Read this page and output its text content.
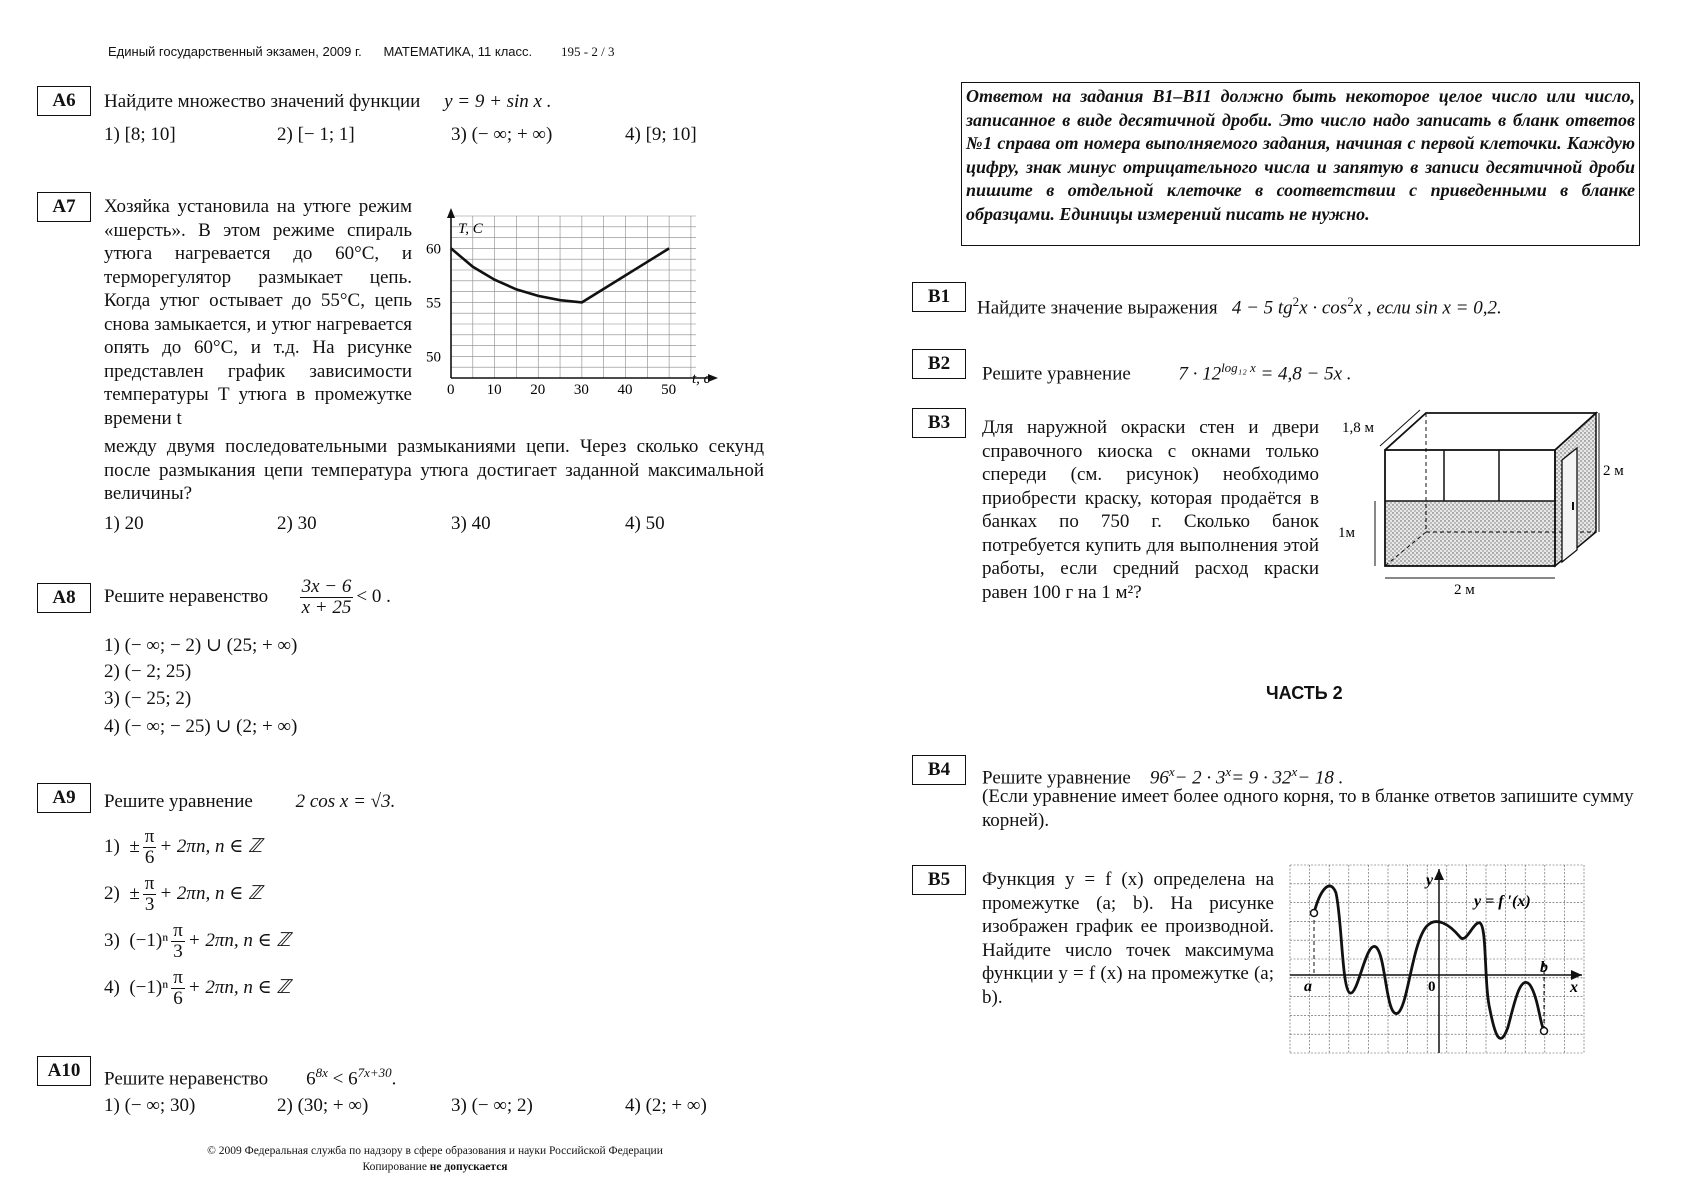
Единый государственный экзамен, 2009 г. МАТЕМАТИКА, 11 класс. 195 - 2 / 3
А6	Найдите множество значений функции y = 9 + sin x .
1) [8; 10]	2) [− 1; 1]	3) (− ∞; + ∞)	4) [9; 10]
А7	Хозяйка установила на утюге режим «шерсть». В этом режиме спираль утюга нагревается до 60°C, и терморегулятор размыкает цепь. Когда утюг остывает до 55°C, цепь снова замыкается, и утюг нагревается опять до 60°C, и т.д. На рисунке представлен график зависимости температуры T утюга в промежутке времени t
между двумя последовательными размыканиями цепи. Через сколько секунд после размыкания цепи температура утюга достигает заданной максимальной величины?
0 10 20 30 40 50
50
55
60
T, С
t, с
1) 20	2) 30	3) 40	4) 50
А8	Решите неравенство $\frac{3x - 6}{x + 25} < 0$ .
1) (− ∞; − 2) ∪ (25; + ∞)
2) (− 2; 25)
3) (− 25; 2)
4) (− ∞; − 25) ∪ (2; + ∞)
А9	Решите уравнение 2 cos x = √3.
$1) \pm \frac{\pi}{6} + 2\pi n$, n ∈ ℤ
$2) \pm \frac{\pi}{3} + 2\pi n$, n ∈ ℤ
3) $(-1)^n \frac{\pi}{3} + 2\pi n$, n ∈ ℤ
4) $(-1)^n \frac{\pi}{6} + 2\pi n$, n ∈ ℤ
А10	Решите неравенство $6^{8x} < 6^{7x+30}$.
1) (− ∞; 30)	2) (30; + ∞)	3) (− ∞; 2)	4) (2; + ∞)
© 2009 Федеральная служба по надзору в сфере образования и науки Российской Федерации
Копирование не допускается
Ответом на задания В1–В11 должно быть некоторое целое число или число, записанное в виде десятичной дроби. Это число надо записать в бланк ответов №1 справа от номера выполняемого задания, начиная с первой клеточки. Каждую цифру, знак минус отрицательного числа и запятую в записи десятичной дроби пишите в отдельной клеточке в соответствии с приведенными в бланке образцами. Единицы измерений писать не нужно.
В1
Найдите значение выражения 4 − 5 $tg^2x \cdot \cos^2x$ , если sin x = 0,2.
В2	Решите уравнение	$7 \cdot 12^{log_{12} x} = 4,8 - 5x$ .
В3	Для наружной окраски стен и двери справочного киоска с окнами только спереди (см. рисунок) необходимо приобрести краску, которая продаётся в банках по 750 г. Сколько банок потребуется купить для выполнения этой работы, если средний расход краски равен 100 г на 1 м²?
1,8 м
2 м
1м
2 м
ЧАСТЬ 2
В4	Решите уравнение $96^x- 2 \cdot 3^x= 9 \cdot 32^x- 18$ .
(Если уравнение имеет более одного корня, то в бланке ответов запишите сумму корней).
В5	Функция y = f (x) определена на промежутке (a; b). На рисунке изображен график ее производной. Найдите число точек максимума функции y = f (x) на промежутке (a; b).
y
x
0
a
b
y = f ′(x)
